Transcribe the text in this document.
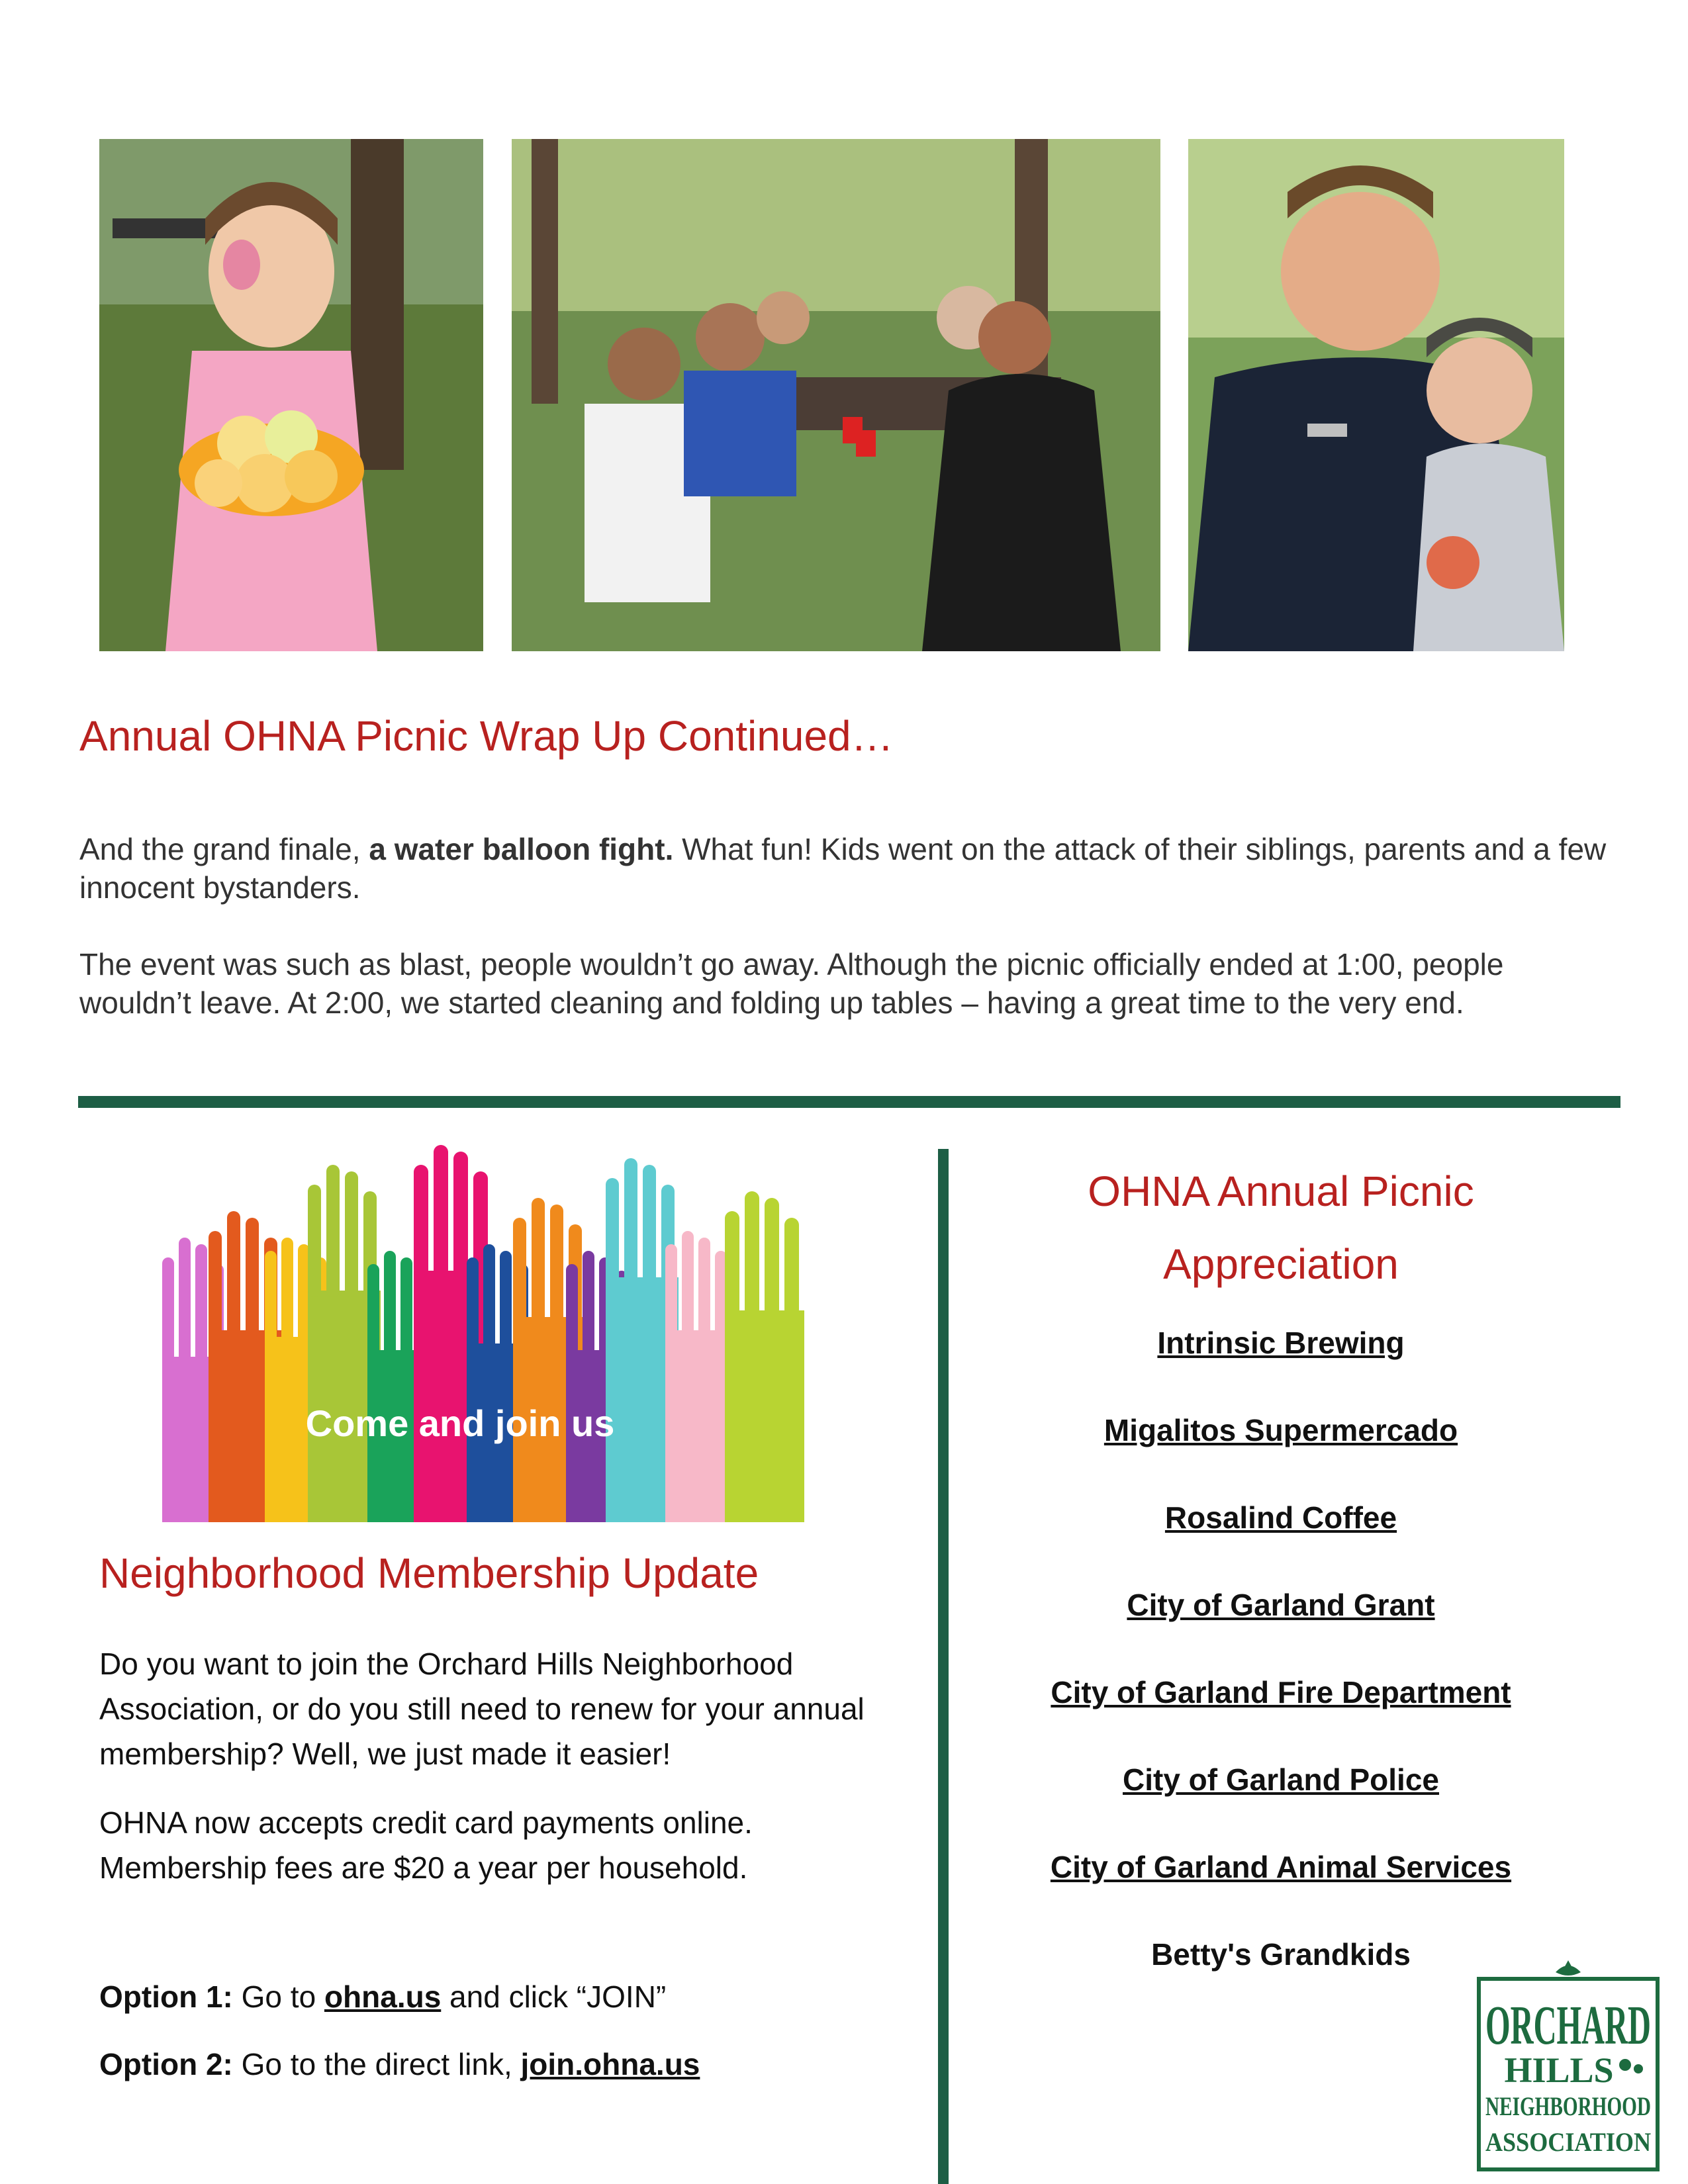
Annual OHNA Picnic Wrap Up Continued…

And the grand finale, a water balloon fight. What fun! Kids went on the attack of their siblings, parents and a few innocent bystanders.

The event was such as blast, people wouldn’t go away. Although the picnic officially ended at 1:00, people wouldn’t leave. At 2:00, we started cleaning and folding up tables – having a great time to the very end.

Come and join us
Neighborhood Membership Update

Do you want to join the Orchard Hills Neighborhood Association, or do you still need to renew for your annual membership? Well, we just made it easier!

OHNA now accepts credit card payments online. Membership fees are $20 a year per household.

Option 1: Go to ohna.us and click “JOIN”

Option 2: Go to the direct link, join.ohna.us

OHNA Annual Picnic
Appreciation

Intrinsic Brewing

Migalitos Supermercado

Rosalind Coffee

City of Garland Grant

City of Garland Fire Department

City of Garland Police

City of Garland Animal Services

Betty's Grandkids

ORCHARD
HILLS
NEIGHBORHOOD
ASSOCIATION
